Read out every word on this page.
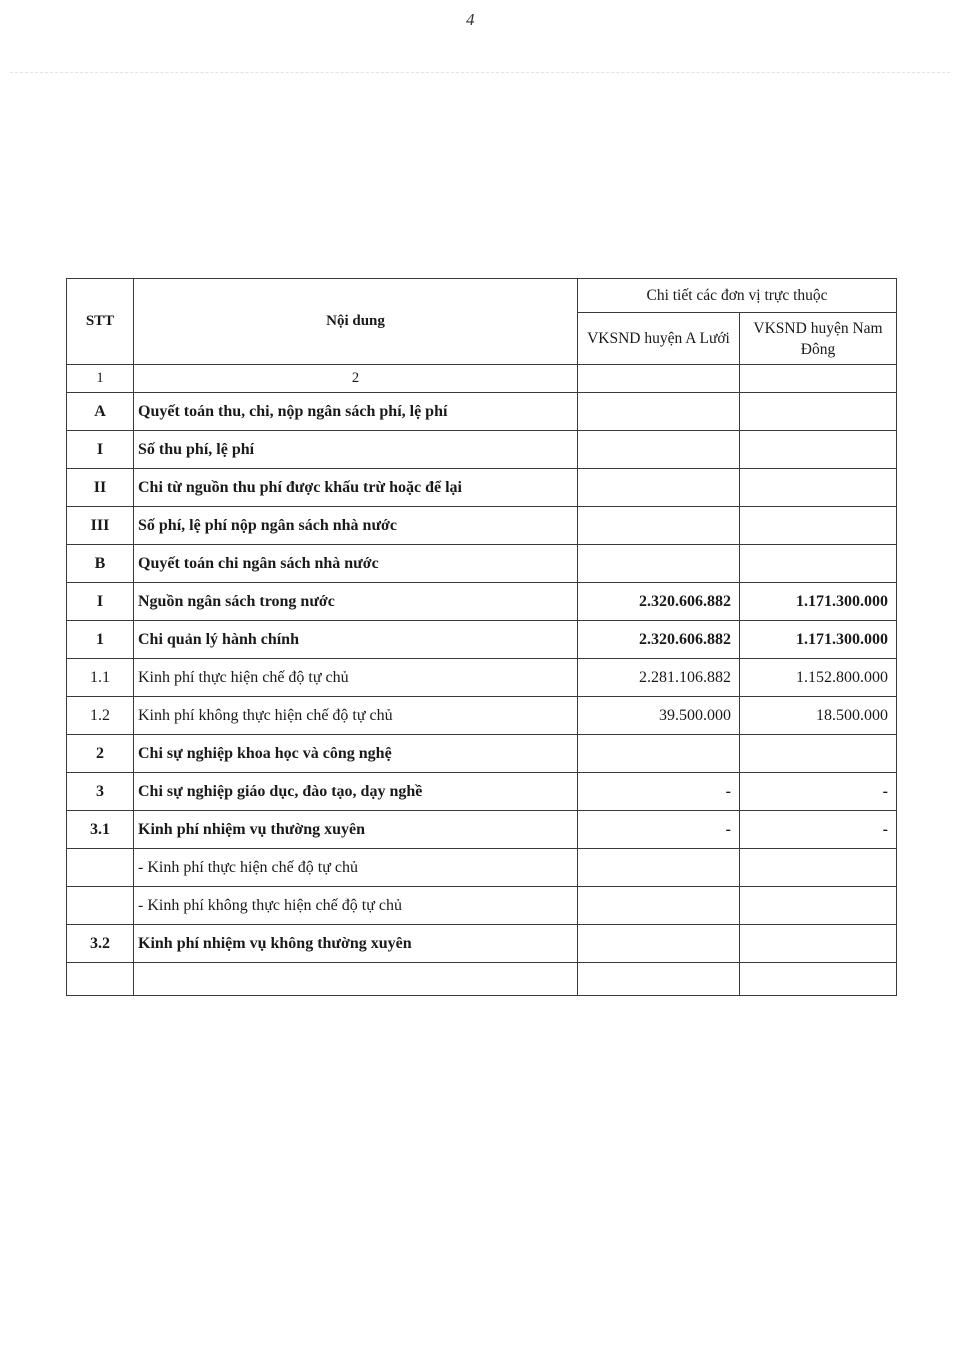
4
STT	Nội dung	Chi tiết các đơn vị trực thuộc	
		VKSND huyện A Lưới	VKSND huyện Nam Đông
1	2		
A	Quyết toán thu, chi, nộp ngân sách phí, lệ phí		
I	Số thu phí, lệ phí		
II	Chi từ nguồn thu phí được khấu trừ hoặc để lại		
III	Số phí, lệ phí nộp ngân sách nhà nước		
B	Quyết toán chi ngân sách nhà nước		
I	Nguồn ngân sách trong nước	2.320.606.882	1.171.300.000
1	Chi quản lý hành chính	2.320.606.882	1.171.300.000
1.1	Kinh phí thực hiện chế độ tự chủ	2.281.106.882	1.152.800.000
1.2	Kinh phí không thực hiện chế độ tự chủ	39.500.000	18.500.000
2	Chi sự nghiệp khoa học và công nghệ		
3	Chi sự nghiệp giáo dục, đào tạo, dạy nghề	-	-
3.1	Kinh phí nhiệm vụ thường xuyên	-	-
	- Kinh phí thực hiện chế độ tự chủ		
	- Kinh phí không thực hiện chế độ tự chủ		
3.2	Kinh phí nhiệm vụ không thường xuyên		
